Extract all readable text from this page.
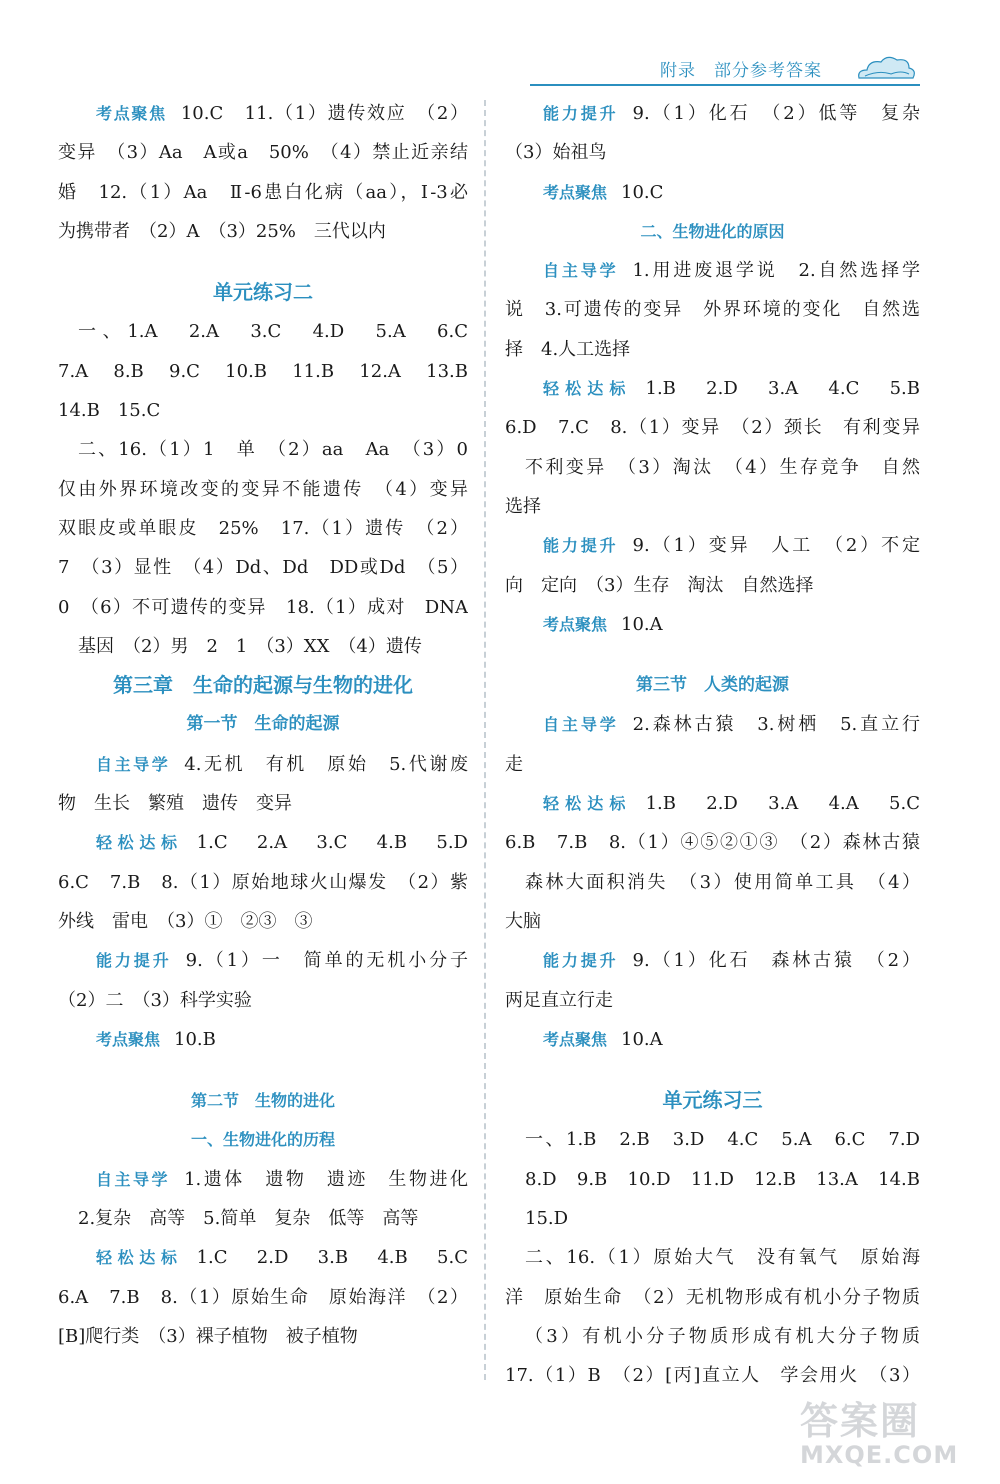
附录 部分参考答案
考点聚焦 10.C　11.（1）遗传效应　（2）
变异　（3）Aa　A或a　50%　（4）禁止近亲结
婚　12.（1）Aa　Ⅱ-6患白化病（aa），Ⅰ-3必
为携带者　（2）A　（3）25%　三代以内
单元练习二
一、1.A　2.A　3.C　4.D　5.A　6.C
7.A　8.B　9.C　10.B　11.B　12.A　13.B
14.B　15.C
二、16.（1）1　单　（2）aa　Aa　（3）0
仅由外界环境改变的变异不能遗传　（4）变异
双眼皮或单眼皮　25%　17.（1）遗传　（2）
7　（3）显性　（4）Dd、Dd　DD或Dd　（5）
0　（6）不可遗传的变异　18.（1）成对　DNA
基因　（2）男　2　1　（3）XX　（4）遗传
第三章　生命的起源与生物的进化
第一节　生命的起源
自主导学 4.无机　有机　原始　5.代谢废
物　生长　繁殖　遗传　变异
轻松达标 1.C　2.A　3.C　4.B　5.D
6.C　7.B　8.（1）原始地球火山爆发　（2）紫
外线　雷电　（3）①　②③　③
能力提升 9.（1）一　简单的无机小分子
（2）二　（3）科学实验
考点聚焦 10.B
第二节　生物的进化
一、生物进化的历程
自主导学 1.遗体　遗物　遗迹　生物进化
2.复杂　高等　5.简单　复杂　低等　高等
轻松达标 1.C　2.D　3.B　4.B　5.C
6.A　7.B　8.（1）原始生命　原始海洋　（2）
[B]爬行类　（3）裸子植物　被子植物
能力提升 9.（1）化石　（2）低等　复杂
（3）始祖鸟
考点聚焦 10.C
二、生物进化的原因
自主导学 1.用进废退学说　2.自然选择学
说　3.可遗传的变异　外界环境的变化　自然选
择　4.人工选择
轻松达标 1.B　2.D　3.A　4.C　5.B
6.D　7.C　8.（1）变异　（2）颈长　有利变异
不利变异　（3）淘汰　（4）生存竞争　自然
选择
能力提升 9.（1）变异　人工　（2）不定
向　定向　（3）生存　淘汰　自然选择
考点聚焦 10.A
第三节　人类的起源
自主导学 2.森林古猿　3.树栖　5.直立行
走
轻松达标 1.B　2.D　3.A　4.A　5.C
6.B　7.B　8.（1）④⑤②①③　（2）森林古猿
森林大面积消失　（3）使用简单工具　（4）
大脑
能力提升 9.（1）化石　森林古猿　（2）
两足直立行走
考点聚焦 10.A
单元练习三
一、1.B　2.B　3.D　4.C　5.A　6.C　7.D
8.D　9.B　10.D　11.D　12.B　13.A　14.B
15.D
二、16.（1）原始大气　没有氧气　原始海
洋　原始生命　（2）无机物形成有机小分子物质
（3）有机小分子物质形成有机大分子物质
17.（1）B　（2）[丙]直立人　学会用火　（3）
答案圈
MXQE.COM
